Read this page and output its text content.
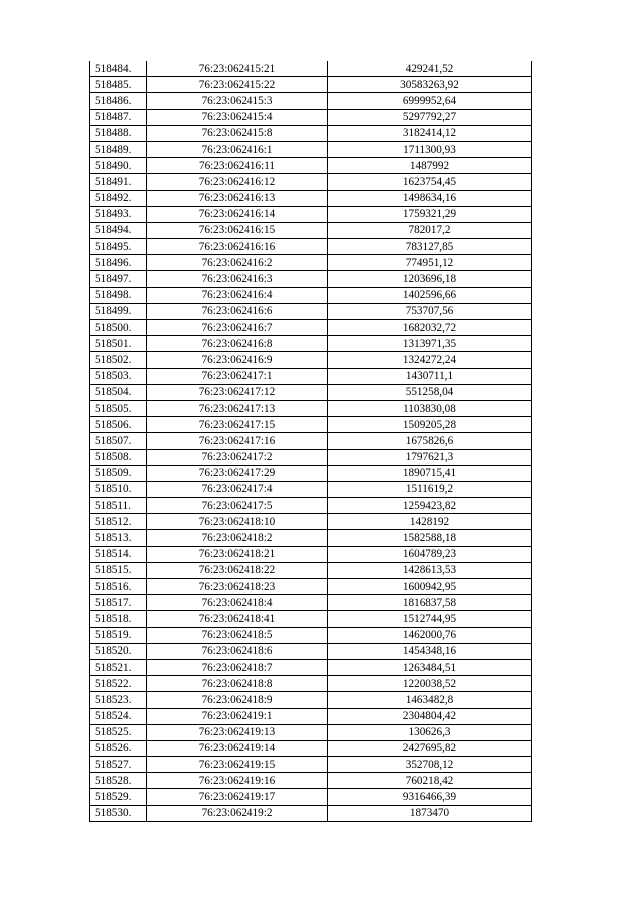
518484.	76:23:062415:21	429241,52
518485.	76:23:062415:22	30583263,92
518486.	76:23:062415:3	6999952,64
518487.	76:23:062415:4	5297792,27
518488.	76:23:062415:8	3182414,12
518489.	76:23:062416:1	1711300,93
518490.	76:23:062416:11	1487992
518491.	76:23:062416:12	1623754,45
518492.	76:23:062416:13	1498634,16
518493.	76:23:062416:14	1759321,29
518494.	76:23:062416:15	782017,2
518495.	76:23:062416:16	783127,85
518496.	76:23:062416:2	774951,12
518497.	76:23:062416:3	1203696,18
518498.	76:23:062416:4	1402596,66
518499.	76:23:062416:6	753707,56
518500.	76:23:062416:7	1682032,72
518501.	76:23:062416:8	1313971,35
518502.	76:23:062416:9	1324272,24
518503.	76:23:062417:1	1430711,1
518504.	76:23:062417:12	551258,04
518505.	76:23:062417:13	1103830,08
518506.	76:23:062417:15	1509205,28
518507.	76:23:062417:16	1675826,6
518508.	76:23:062417:2	1797621,3
518509.	76:23:062417:29	1890715,41
518510.	76:23:062417:4	1511619,2
518511.	76:23:062417:5	1259423,82
518512.	76:23:062418:10	1428192
518513.	76:23:062418:2	1582588,18
518514.	76:23:062418:21	1604789,23
518515.	76:23:062418:22	1428613,53
518516.	76:23:062418:23	1600942,95
518517.	76:23:062418:4	1816837,58
518518.	76:23:062418:41	1512744,95
518519.	76:23:062418:5	1462000,76
518520.	76:23:062418:6	1454348,16
518521.	76:23:062418:7	1263484,51
518522.	76:23:062418:8	1220038,52
518523.	76:23:062418:9	1463482,8
518524.	76:23:062419:1	2304804,42
518525.	76:23:062419:13	130626,3
518526.	76:23:062419:14	2427695,82
518527.	76:23:062419:15	352708,12
518528.	76:23:062419:16	760218,42
518529.	76:23:062419:17	9316466,39
518530.	76:23:062419:2	1873470
